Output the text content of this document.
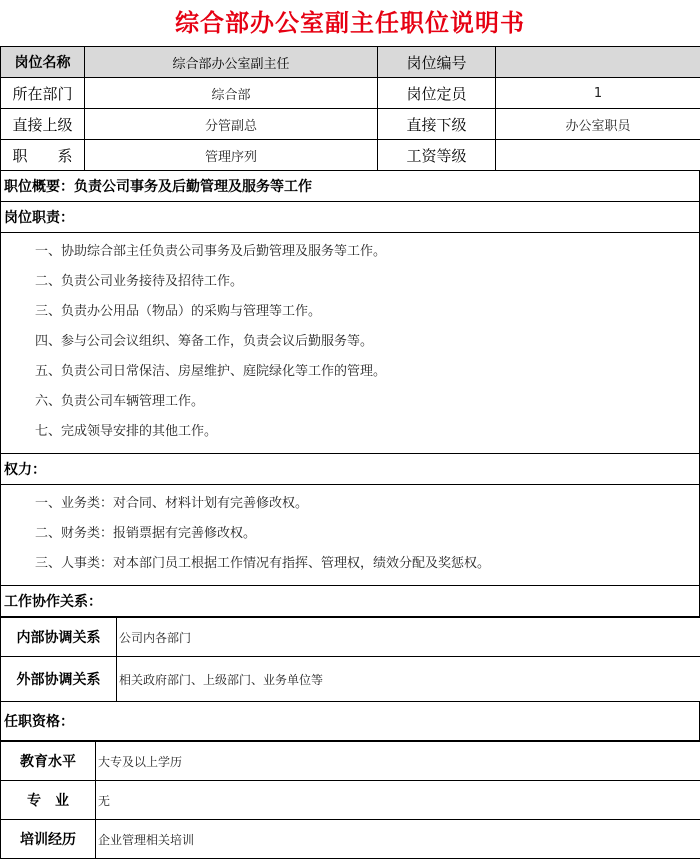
综合部办公室副主任职位说明书
岗位名称	综合部办公室副主任	岗位编号	
所在部门	综合部	岗位定员	1
直接上级	分管副总	直接下级	办公室职员
职　　系	管理序列	工资等级	
职位概要：负责公司事务及后勤管理及服务等工作
岗位职责：

一、协助综合部主任负责公司事务及后勤管理及服务等工作。
二、负责公司业务接待及招待工作。
三、负责办公用品（物品）的采购与管理等工作。
四、参与公司会议组织、筹备工作，负责会议后勤服务等。
五、负责公司日常保洁、房屋维护、庭院绿化等工作的管理。
六、负责公司车辆管理工作。
七、完成领导安排的其他工作。

权力：

一、业务类：对合同、材料计划有完善修改权。
二、财务类：报销票据有完善修改权。
三、人事类：对本部门员工根据工作情况有指挥、管理权，绩效分配及奖惩权。

工作协作关系：
内部协调关系	公司内各部门
外部协调关系	相关政府部门、上级部门、业务单位等
任职资格：
教育水平	大专及以上学历
专　业	无
培训经历	企业管理相关培训
